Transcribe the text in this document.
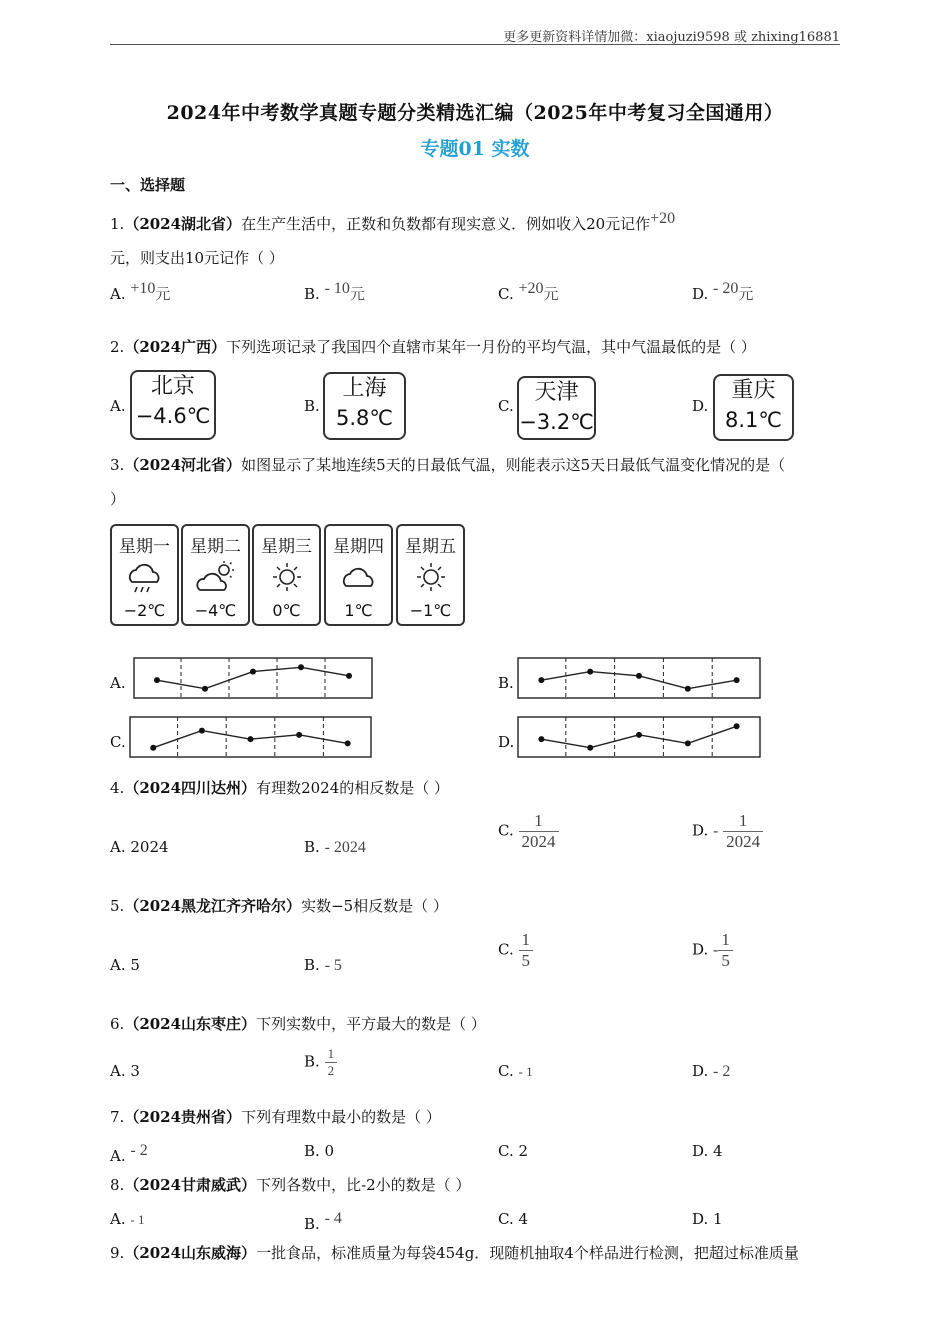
更多更新资料详情加微：xiaojuzi9598 或 zhixing16881
2024年中考数学真题专题分类精选汇编（2025年中考复习全国通用）
专题01 实数
一、选择题
1.（2024湖北省）在生产生活中，正数和负数都有现实意义．例如收入20元记作$^{+20}$元，则支出10元记作（ ）
A. $^{+10}$元	B. $^{- 10}$元	C. $^{+20}$元	D. $^{- 20}$元
2.（2024广西）下列选项记录了我国四个直辖市某年一月份的平均气温，其中气温最低的是（ ）
A.
北京
−4.6℃	B.
上海
5.8℃	C.
天津
−3.2℃
D.
重庆
8.1℃
3.（2024河北省）如图显示了某地连续5天的日最低气温，则能表示这5天日最低气温变化情况的是（
）
星期一
−2℃
星期二
−4℃
星期三
0℃
星期四
1℃
星期五
−1℃
A.	B.
C.	D.
4.（2024四川达州）有理数2024的相反数是（ ）
A. 2024	B. - 2024
C. $\frac{1}{2024}$	D. - $\frac{1}{2024}$
5.（2024黑龙江齐齐哈尔）实数−5相反数是（ ）
A. 5	B. - 5
C. $\frac{1}{5}$	D. - $\frac{1}{5}$
6.（2024山东枣庄）下列实数中，平方最大的数是（ ）
A. 3
B. $\frac{1}{2}$	C. - 1	D. - 2
7.（2024贵州省）下列有理数中最小的数是（ ）
A. $^{- 2}$	B. 0	C. 2	D. 4
8.（2024甘肃威武）下列各数中，比-2小的数是（ ）
A. - 1	B. $^{- 4}$	C. 4	D. 1
9.（2024山东威海）一批食品，标准质量为每袋454g．现随机抽取4个样品进行检测，把超过标准质量
